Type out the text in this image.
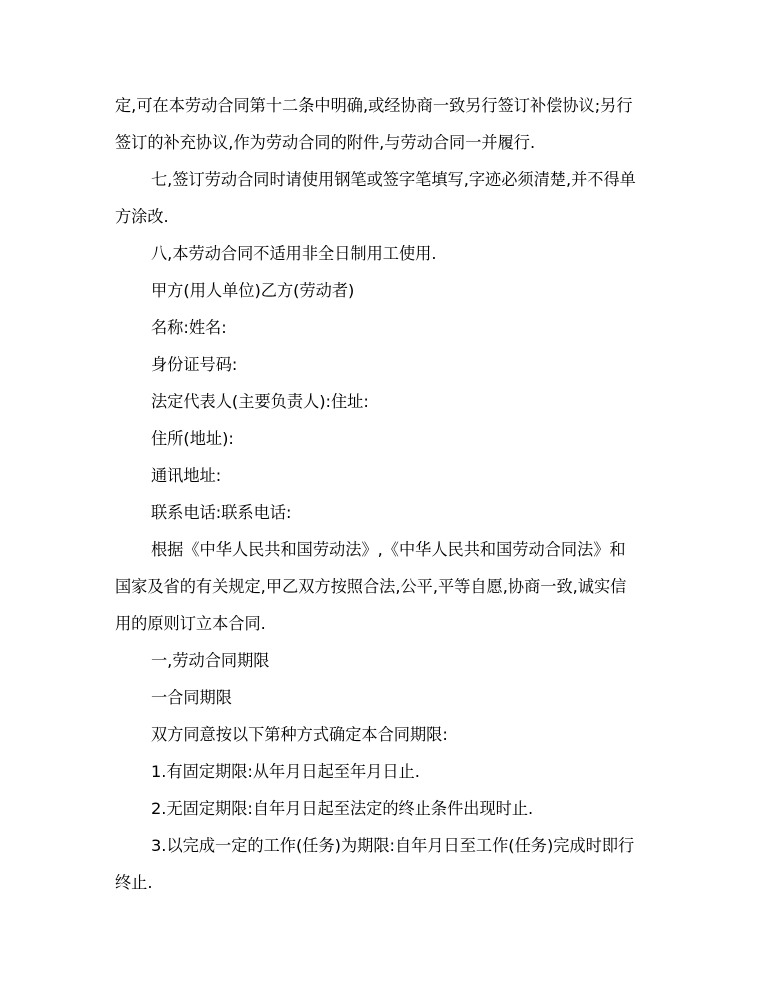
定,可在本劳动合同第十二条中明确,或经协商一致另行签订补偿协议;另行签订的补充协议,作为劳动合同的附件,与劳动合同一并履行.

七,签订劳动合同时请使用钢笔或签字笔填写,字迹必须清楚,并不得单方涂改.

八,本劳动合同不适用非全日制用工使用.

甲方(用人单位)乙方(劳动者)

名称:姓名:

身份证号码:

法定代表人(主要负责人):住址:

住所(地址):

通讯地址:

联系电话:联系电话:

根据《中华人民共和国劳动法》,《中华人民共和国劳动合同法》和国家及省的有关规定,甲乙双方按照合法,公平,平等自愿,协商一致,诚实信用的原则订立本合同.

一,劳动合同期限

一合同期限

双方同意按以下第种方式确定本合同期限:

1.有固定期限:从年月日起至年月日止.

2.无固定期限:自年月日起至法定的终止条件出现时止.

3.以完成一定的工作(任务)为期限:自年月日至工作(任务)完成时即行终止.
